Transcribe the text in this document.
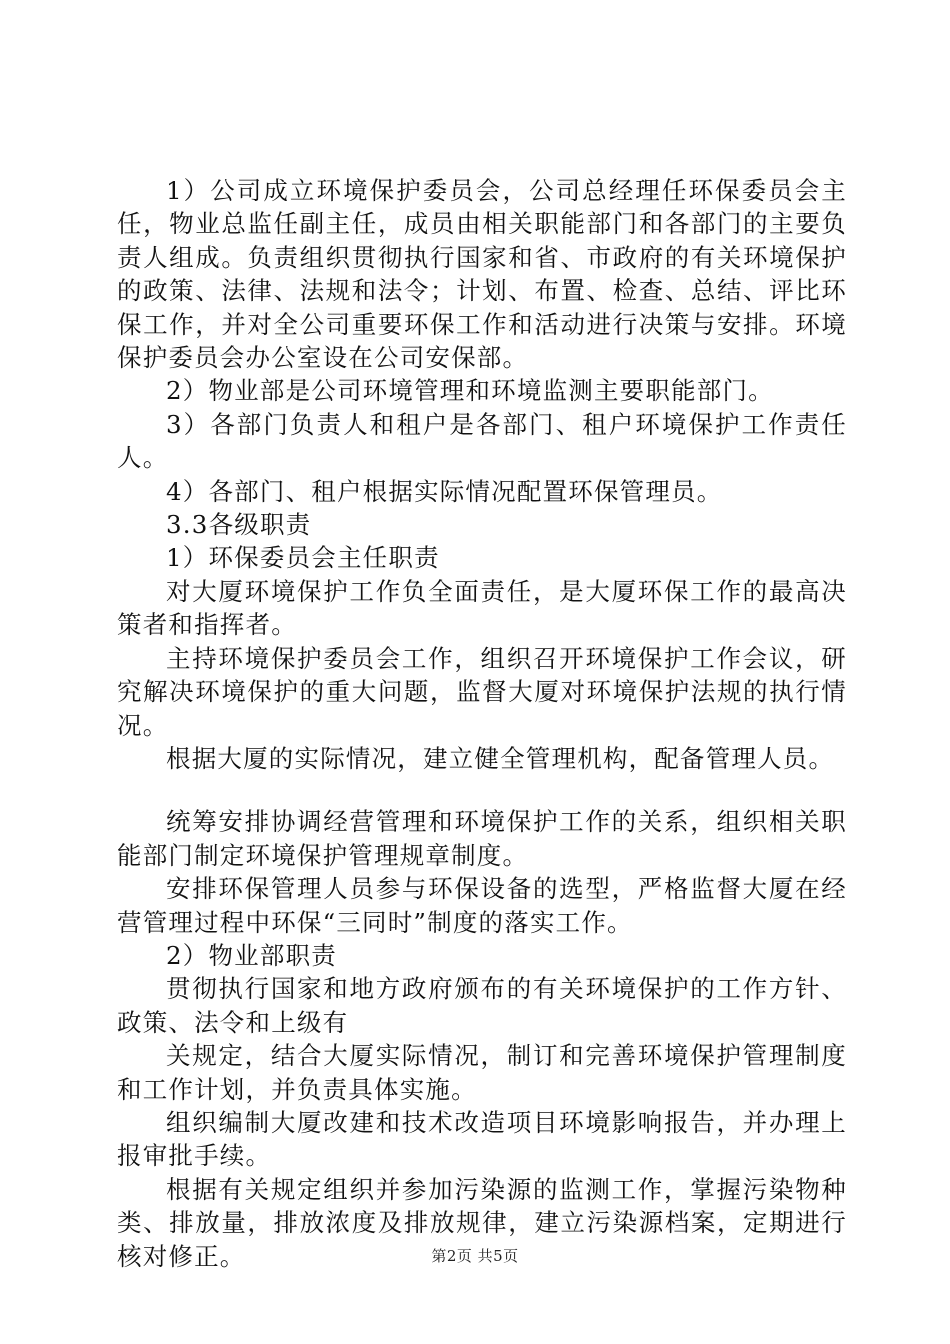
1）公司成立环境保护委员会，公司总经理任环保委员会主任，物业总监任副主任，成员由相关职能部门和各部门的主要负责人组成。负责组织贯彻执行国家和省、市政府的有关环境保护的政策、法律、法规和法令；计划、布置、检查、总结、评比环保工作，并对全公司重要环保工作和活动进行决策与安排。环境保护委员会办公室设在公司安保部。

2）物业部是公司环境管理和环境监测主要职能部门。

3）各部门负责人和租户是各部门、租户环境保护工作责任人。

4）各部门、租户根据实际情况配置环保管理员。

3.3各级职责

1）环保委员会主任职责

对大厦环境保护工作负全面责任，是大厦环保工作的最高决策者和指挥者。

主持环境保护委员会工作，组织召开环境保护工作会议，研究解决环境保护的重大问题，监督大厦对环境保护法规的执行情况。

根据大厦的实际情况，建立健全管理机构，配备管理人员。

统筹安排协调经营管理和环境保护工作的关系，组织相关职能部门制定环境保护管理规章制度。

安排环保管理人员参与环保设备的选型，严格监督大厦在经营管理过程中环保“三同时”制度的落实工作。

2）物业部职责

贯彻执行国家和地方政府颁布的有关环境保护的工作方针、政策、法令和上级有

关规定，结合大厦实际情况，制订和完善环境保护管理制度和工作计划，并负责具体实施。

组织编制大厦改建和技术改造项目环境影响报告，并办理上报审批手续。

根据有关规定组织并参加污染源的监测工作，掌握污染物种类、排放量，排放浓度及排放规律，建立污染源档案，定期进行核对修正。	第2页 共5页
